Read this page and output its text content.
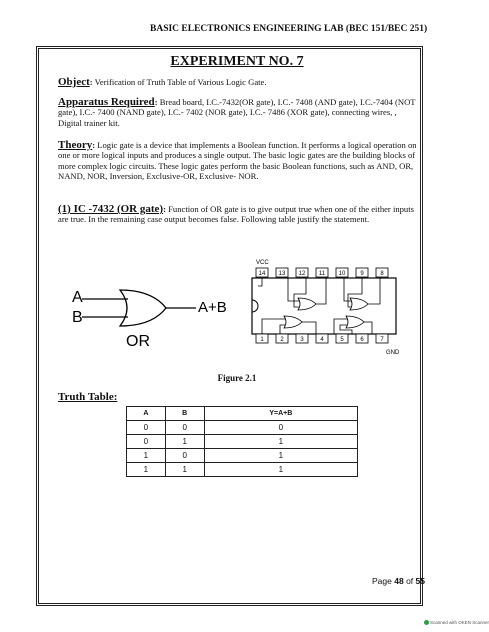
BASIC ELECTRONICS ENGINEERING LAB (BEC 151/BEC 251)
EXPERIMENT NO. 7
Object: Verification of Truth Table of Various Logic Gate.
Apparatus Required: Bread board, I.C.-7432(OR gate), I.C.- 7408 (AND gate), I.C.-7404 (NOT gate), I.C.- 7400 (NAND gate), I.C.- 7402 (NOR gate), I.C.- 7486 (XOR gate), connecting wires, , Digital trainer kit.
Theory: Logic gate is a device that implements a Boolean function. It performs a logical operation on
one or more logical inputs and produces a single output. The basic logic gates are the building blocks of more complex logic circuits. These logic gates perform the basic Boolean functions, such as AND, OR, NAND, NOR, Inversion, Exclusive-OR, Exclusive- NOR.
(1) IC -7432 (OR gate): Function of OR gate is to give output true when one of the either inputs are true. In the remaining case output becomes false. Following table justify the statement.
A
B
A+B
OR
VCC
14 13 12 11 10 9	8
1	2	3	4	5	6	7
GND
Figure 2.1
Truth Table:
A	B	Y=A+B
0	0	0
0	1	1
1	0	1
1	1	1
Page 48 of 55
Scanned with OKEN Scanner
